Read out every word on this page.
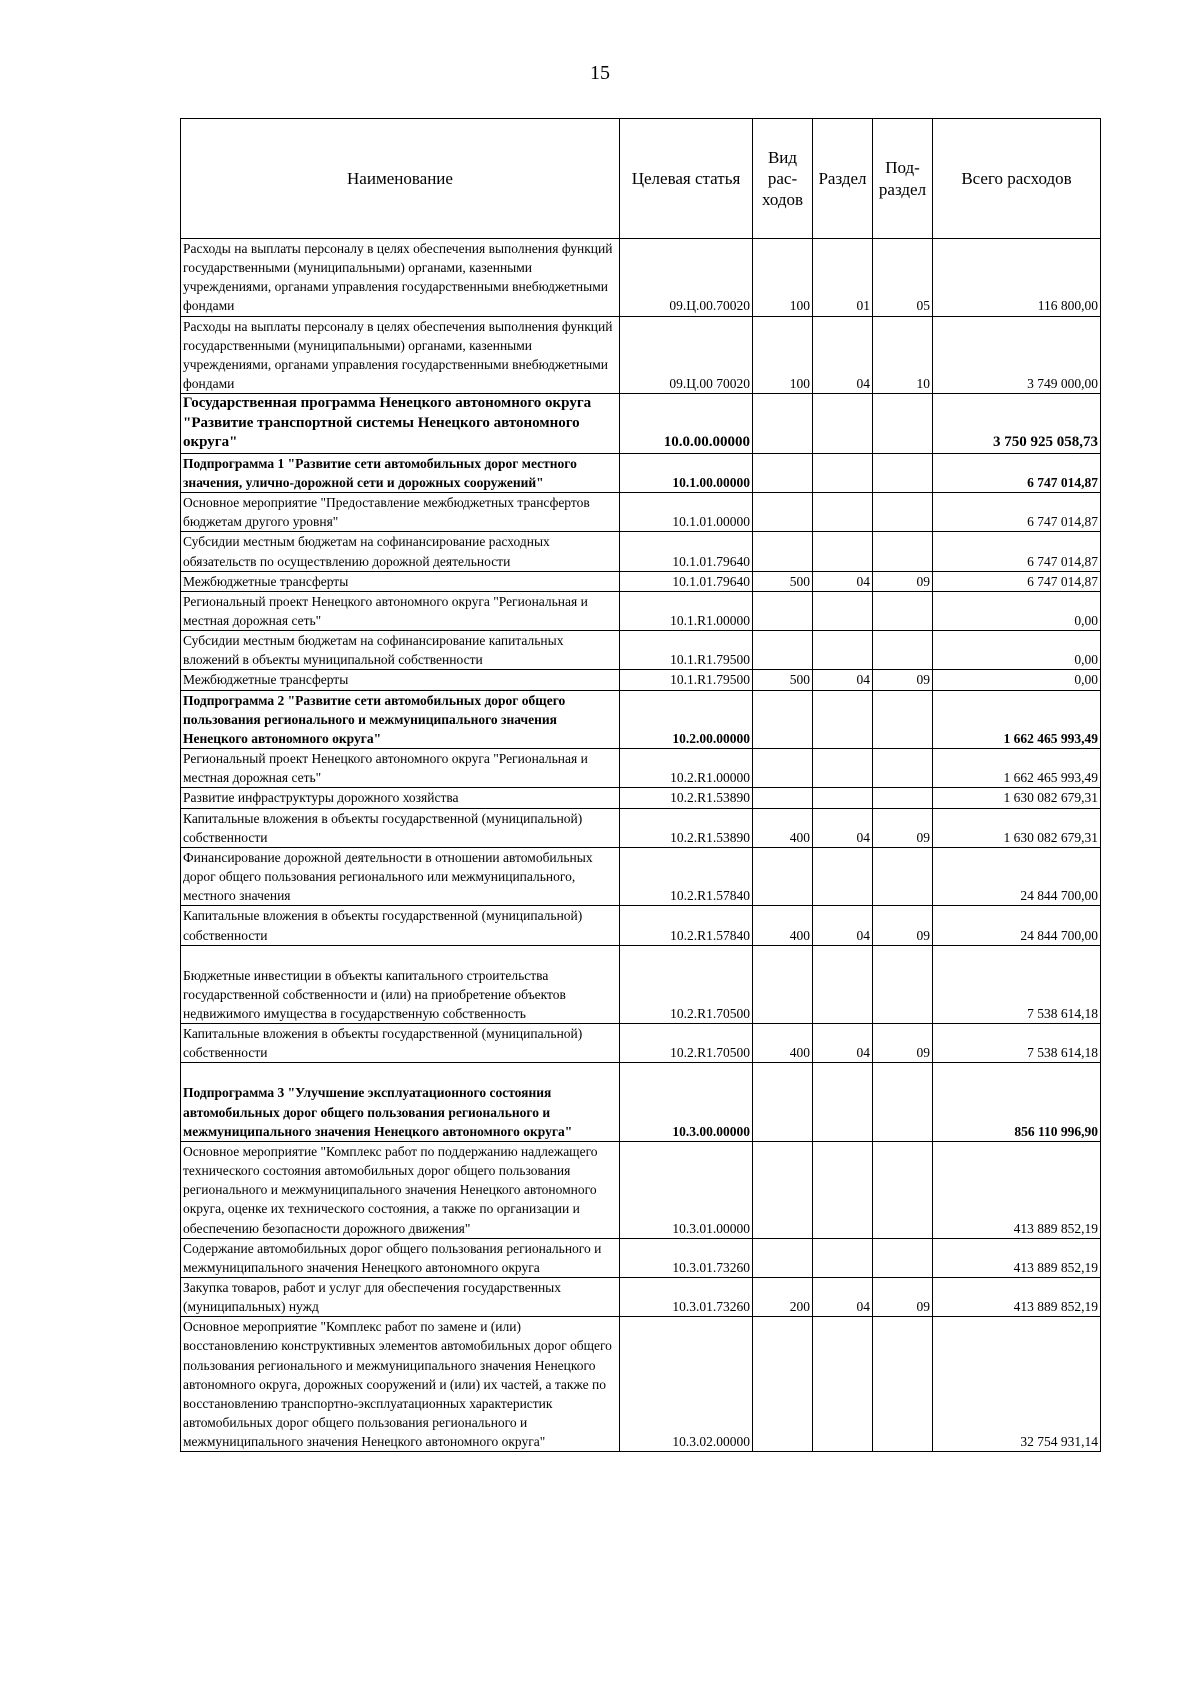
15
Наименование	Целевая статья	Вид рас-ходов	Раздел	Под-раздел	Всего расходов
Расходы на выплаты персоналу в целях обеспечения выполнения функций государственными (муниципальными) органами, казенными учреждениями, органами управления государственными внебюджетными фондами	09.Ц.00.70020	100	01	05	116 800,00
Расходы на выплаты персоналу в целях обеспечения выполнения функций государственными (муниципальными) органами, казенными учреждениями, органами управления государственными внебюджетными фондами	09.Ц.00 70020	100	04	10	3 749 000,00
Государственная программа Ненецкого автономного округа "Развитие транспортной системы Ненецкого автономного округа"	10.0.00.00000				3 750 925 058,73
Подпрограмма 1 "Развитие сети автомобильных дорог местного значения, улично-дорожной сети и дорожных сооружений"	10.1.00.00000				6 747 014,87
Основное мероприятие "Предоставление межбюджетных трансфертов бюджетам другого уровня"	10.1.01.00000				6 747 014,87
Субсидии местным бюджетам на софинансирование расходных обязательств по осуществлению дорожной деятельности	10.1.01.79640				6 747 014,87
Межбюджетные трансферты	10.1.01.79640	500	04	09	6 747 014,87
Региональный проект Ненецкого автономного округа "Региональная и местная дорожная сеть"	10.1.R1.00000				0,00
Субсидии местным бюджетам на софинансирование капитальных вложений в объекты муниципальной собственности	10.1.R1.79500				0,00
Межбюджетные трансферты	10.1.R1.79500	500	04	09	0,00
Подпрограмма 2 "Развитие сети автомобильных дорог общего пользования регионального и межмуниципального значения Ненецкого автономного округа"	10.2.00.00000				1 662 465 993,49
Региональный проект Ненецкого автономного округа "Региональная и местная дорожная сеть"	10.2.R1.00000				1 662 465 993,49
Развитие инфраструктуры дорожного хозяйства	10.2.R1.53890				1 630 082 679,31
Капитальные вложения в объекты государственной (муниципальной) собственности	10.2.R1.53890	400	04	09	1 630 082 679,31
Финансирование дорожной деятельности в отношении автомобильных дорог общего пользования регионального или межмуниципального, местного значения	10.2.R1.57840				24 844 700,00
Капитальные вложения в объекты государственной (муниципальной) собственности	10.2.R1.57840	400	04	09	24 844 700,00
Бюджетные инвестиции в объекты капитального строительства государственной собственности и (или) на приобретение объектов недвижимого имущества в государственную собственность	10.2.R1.70500				7 538 614,18
Капитальные вложения в объекты государственной (муниципальной) собственности	10.2.R1.70500	400	04	09	7 538 614,18
Подпрограмма 3 "Улучшение эксплуатационного состояния автомобильных дорог общего пользования регионального и межмуниципального значения Ненецкого автономного округа"	10.3.00.00000				856 110 996,90
Основное мероприятие "Комплекс работ по поддержанию надлежащего технического состояния автомобильных дорог общего пользования регионального и межмуниципального значения Ненецкого автономного округа, оценке их технического состояния, а также по организации и обеспечению безопасности дорожного движения"	10.3.01.00000				413 889 852,19
Содержание автомобильных дорог общего пользования регионального и межмуниципального значения Ненецкого автономного округа	10.3.01.73260				413 889 852,19
Закупка товаров, работ и услуг для обеспечения государственных (муниципальных) нужд	10.3.01.73260	200	04	09	413 889 852,19
Основное мероприятие "Комплекс работ по замене и (или) восстановлению конструктивных элементов автомобильных дорог общего пользования регионального и межмуниципального значения Ненецкого автономного округа, дорожных сооружений и (или) их частей, а также по восстановлению транспортно-эксплуатационных характеристик автомобильных дорог общего пользования регионального и межмуниципального значения Ненецкого автономного округа"	10.3.02.00000				32 754 931,14
